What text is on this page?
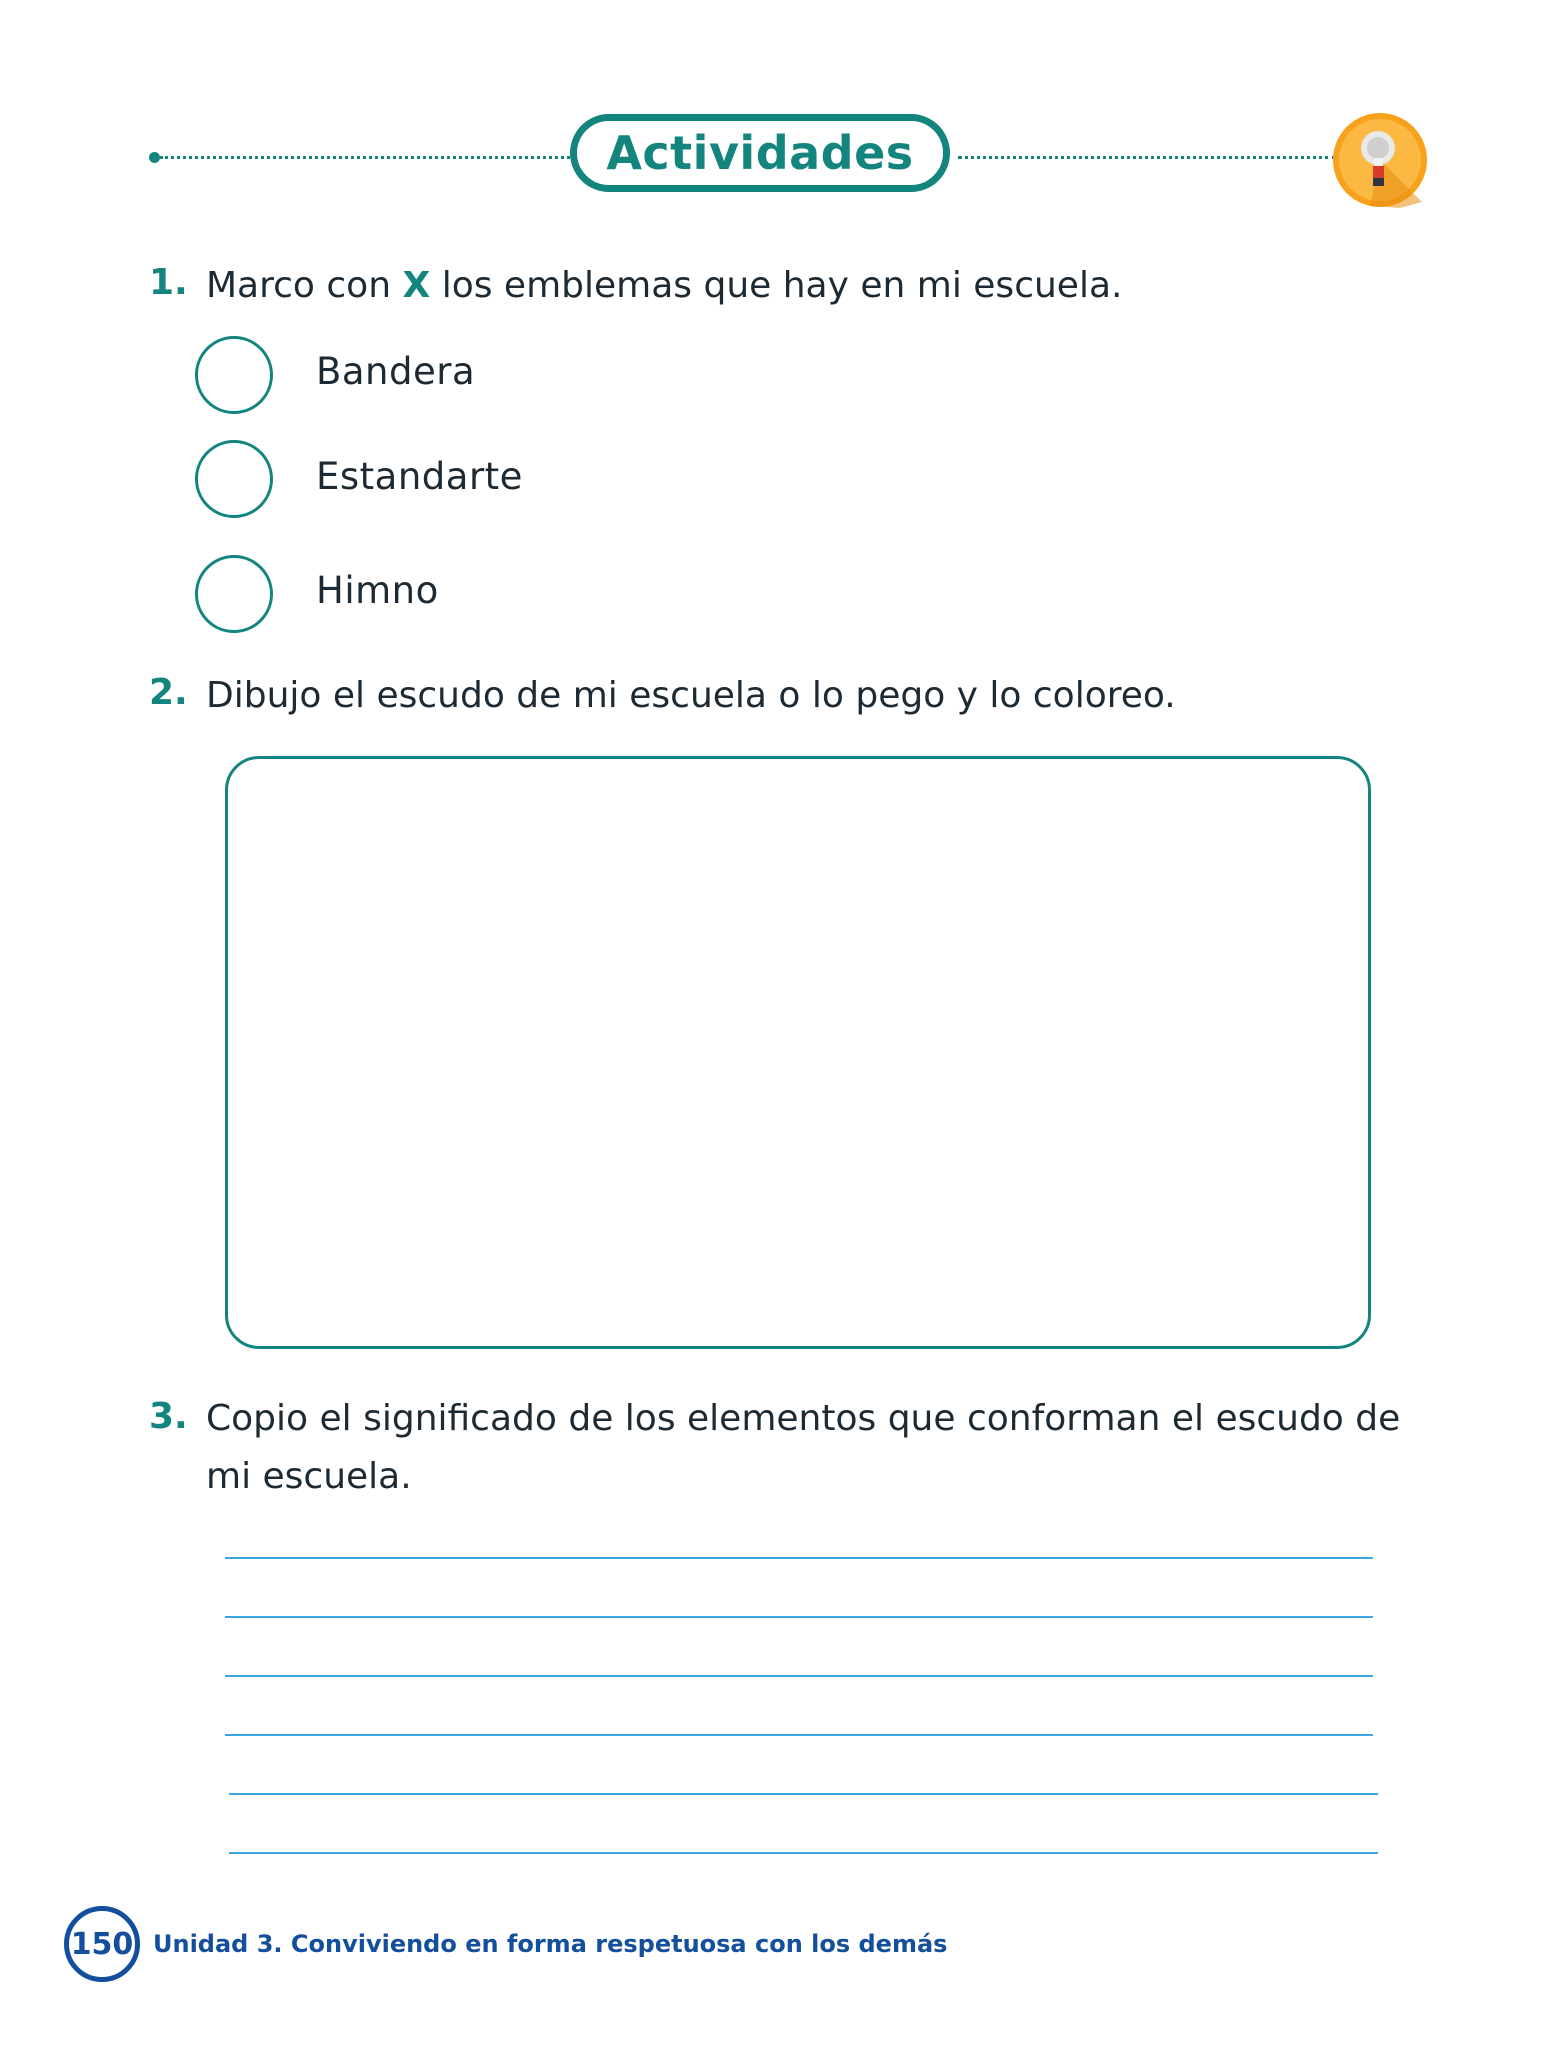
Actividades
1. Marco con X los emblemas que hay en mi escuela.
Bandera
Estandarte
Himno
2. Dibujo el escudo de mi escuela o lo pego y lo coloreo.
3. Copio el significado de los elementos que conforman el escudo de
mi escuela.
150 Unidad 3. Conviviendo en forma respetuosa con los demás
